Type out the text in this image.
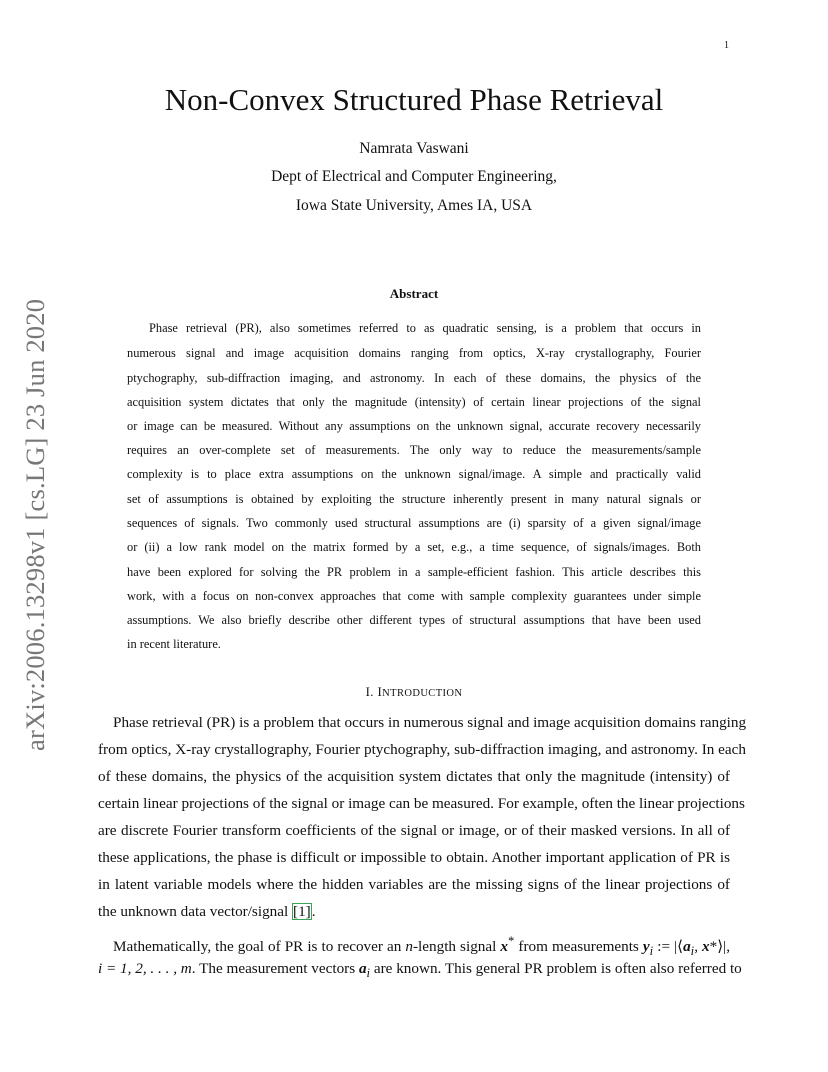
1
arXiv:2006.13298v1 [cs.LG] 23 Jun 2020
Non-Convex Structured Phase Retrieval
Namrata Vaswani
Dept of Electrical and Computer Engineering,
Iowa State University, Ames IA, USA
Abstract
Phase retrieval (PR), also sometimes referred to as quadratic sensing, is a problem that occurs in
numerous signal and image acquisition domains ranging from optics, X-ray crystallography, Fourier
ptychography, sub-diffraction imaging, and astronomy. In each of these domains, the physics of the
acquisition system dictates that only the magnitude (intensity) of certain linear projections of the signal
or image can be measured. Without any assumptions on the unknown signal, accurate recovery necessarily
requires an over-complete set of measurements. The only way to reduce the measurements/sample
complexity is to place extra assumptions on the unknown signal/image. A simple and practically valid
set of assumptions is obtained by exploiting the structure inherently present in many natural signals or
sequences of signals. Two commonly used structural assumptions are (i) sparsity of a given signal/image
or (ii) a low rank model on the matrix formed by a set, e.g., a time sequence, of signals/images. Both
have been explored for solving the PR problem in a sample-efficient fashion. This article describes this
work, with a focus on non-convex approaches that come with sample complexity guarantees under simple
assumptions. We also briefly describe other different types of structural assumptions that have been used
in recent literature.
I. INTRODUCTION
Phase retrieval (PR) is a problem that occurs in numerous signal and image acquisition domains ranging
from optics, X-ray crystallography, Fourier ptychography, sub-diffraction imaging, and astronomy. In each
of these domains, the physics of the acquisition system dictates that only the magnitude (intensity) of
certain linear projections of the signal or image can be measured. For example, often the linear projections
are discrete Fourier transform coefficients of the signal or image, or of their masked versions. In all of
these applications, the phase is difficult or impossible to obtain. Another important application of PR is
in latent variable models where the hidden variables are the missing signs of the linear projections of
the unknown data vector/signal [1].
Mathematically, the goal of PR is to recover an n-length signal x* from measurements $y_i$ := $|⟨a_i$, x*⟩|,
i = 1, 2, . . . , m. The measurement vectors $a_i$ are known. This general PR problem is often also referred to
